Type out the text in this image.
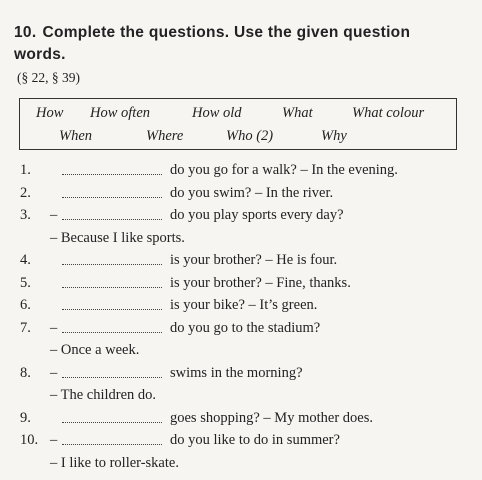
10. Complete the questions. Use the given question words.
(§ 22, § 39)
How How often	How old	What	What colour
When	Where	Who (2)	Why
1.	do you go for a walk? – In the evening.
2.	do you swim? – In the river.
3. –	do you play sports every day?
– Because I like sports.
4.	is your brother? – He is four.
5.	is your brother? – Fine, thanks.
6.	is your bike? – It’s green.
7. –	do you go to the stadium?
– Once a week.
8. –	swims in the morning?
– The children do.
9.	goes shopping? – My mother does.
10. –	do you like to do in summer?
– I like to roller-skate.
